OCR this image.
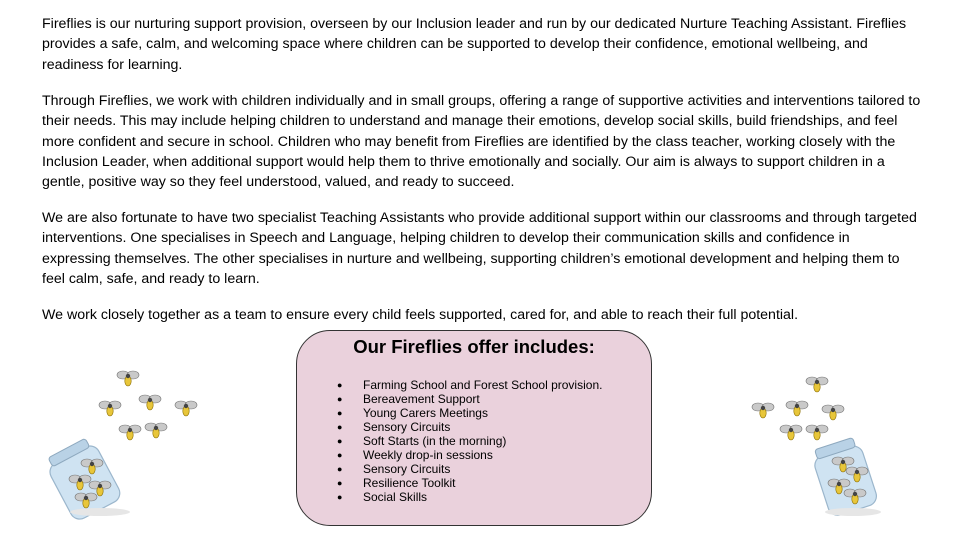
Fireflies is our nurturing support provision, overseen by our Inclusion leader and run by our dedicated Nurture Teaching Assistant. Fireflies provides a safe, calm, and welcoming space where children can be supported to develop their confidence, emotional wellbeing, and readiness for learning.

Through Fireflies, we work with children individually and in small groups, offering a range of supportive activities and interventions tailored to their needs. This may include helping children to understand and manage their emotions, develop social skills, build friendships, and feel more confident and secure in school. Children who may benefit from Fireflies are identified by the class teacher, working closely with the Inclusion Leader, when additional support would help them to thrive emotionally and socially. Our aim is always to support children in a gentle, positive way so they feel understood, valued, and ready to succeed.

We are also fortunate to have two specialist Teaching Assistants who provide additional support within our classrooms and through targeted interventions. One specialises in Speech and Language, helping children to develop their communication skills and confidence in expressing themselves. The other specialises in nurture and wellbeing, supporting children’s emotional development and helping them to feel calm, safe, and ready to learn.

We work closely together as a team to ensure every child feels supported, cared for, and able to reach their full potential.

Our Fireflies offer includes:
● Farming School and Forest School provision.
● Bereavement Support
● Young Carers Meetings
● Sensory Circuits
● Soft Starts (in the morning)
● Weekly drop-in sessions
● Sensory Circuits
● Resilience Toolkit
● Social Skills
